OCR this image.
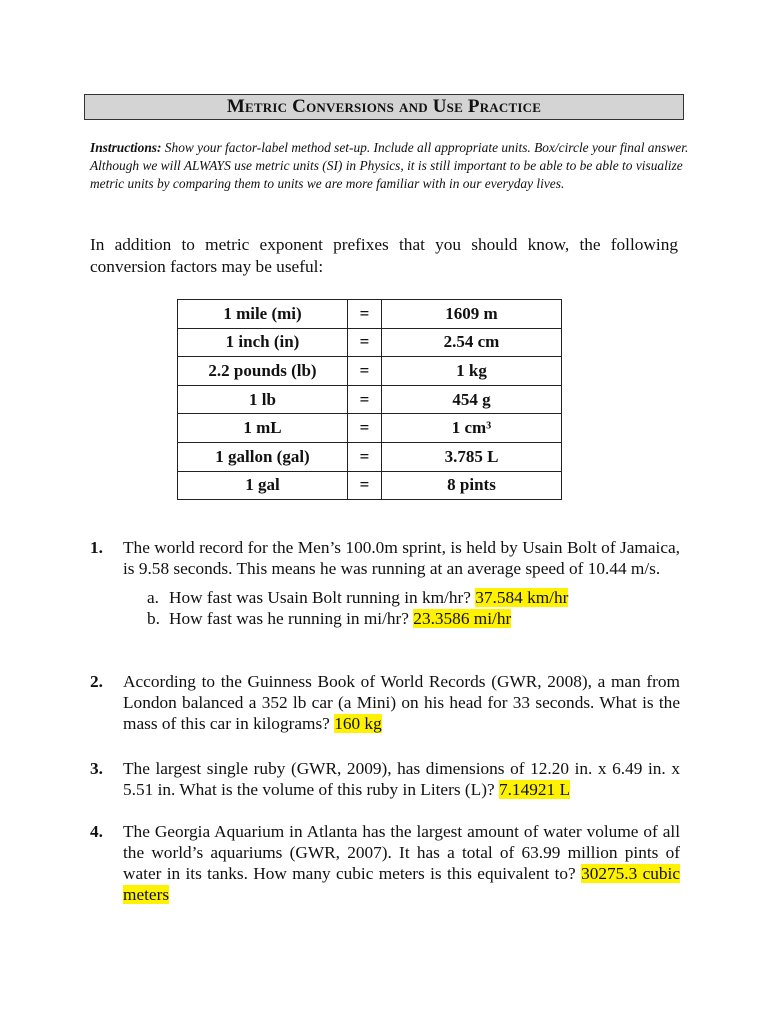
Metric Conversions and Use Practice
Instructions: Show your factor-label method set-up. Include all appropriate units. Box/circle your final answer. Although we will ALWAYS use metric units (SI) in Physics, it is still important to be able to be able to visualize metric units by comparing them to units we are more familiar with in our everyday lives.
In addition to metric exponent prefixes that you should know, the following conversion factors may be useful:
1 mile (mi)	=	1609 m
1 inch (in)	=	2.54 cm
2.2 pounds (lb)	=	1 kg
1 lb	=	454 g
1 mL	=	1 cm³
1 gallon (gal)	=	3.785 L
1 gal	=	8 pints
1. The world record for the Men’s 100.0m sprint, is held by Usain Bolt of Jamaica, is 9.58 seconds. This means he was running at an average speed of 10.44 m/s.
a. How fast was Usain Bolt running in km/hr? 37.584 km/hr
b. How fast was he running in mi/hr? 23.3586 mi/hr
2. According to the Guinness Book of World Records (GWR, 2008), a man from London balanced a 352 lb car (a Mini) on his head for 33 seconds. What is the mass of this car in kilograms? 160 kg
3. The largest single ruby (GWR, 2009), has dimensions of 12.20 in. x 6.49 in. x 5.51 in. What is the volume of this ruby in Liters (L)? 7.14921 L
4. The Georgia Aquarium in Atlanta has the largest amount of water volume of all the world’s aquariums (GWR, 2007). It has a total of 63.99 million pints of water in its tanks. How many cubic meters is this equivalent to? 30275.3 cubic meters
